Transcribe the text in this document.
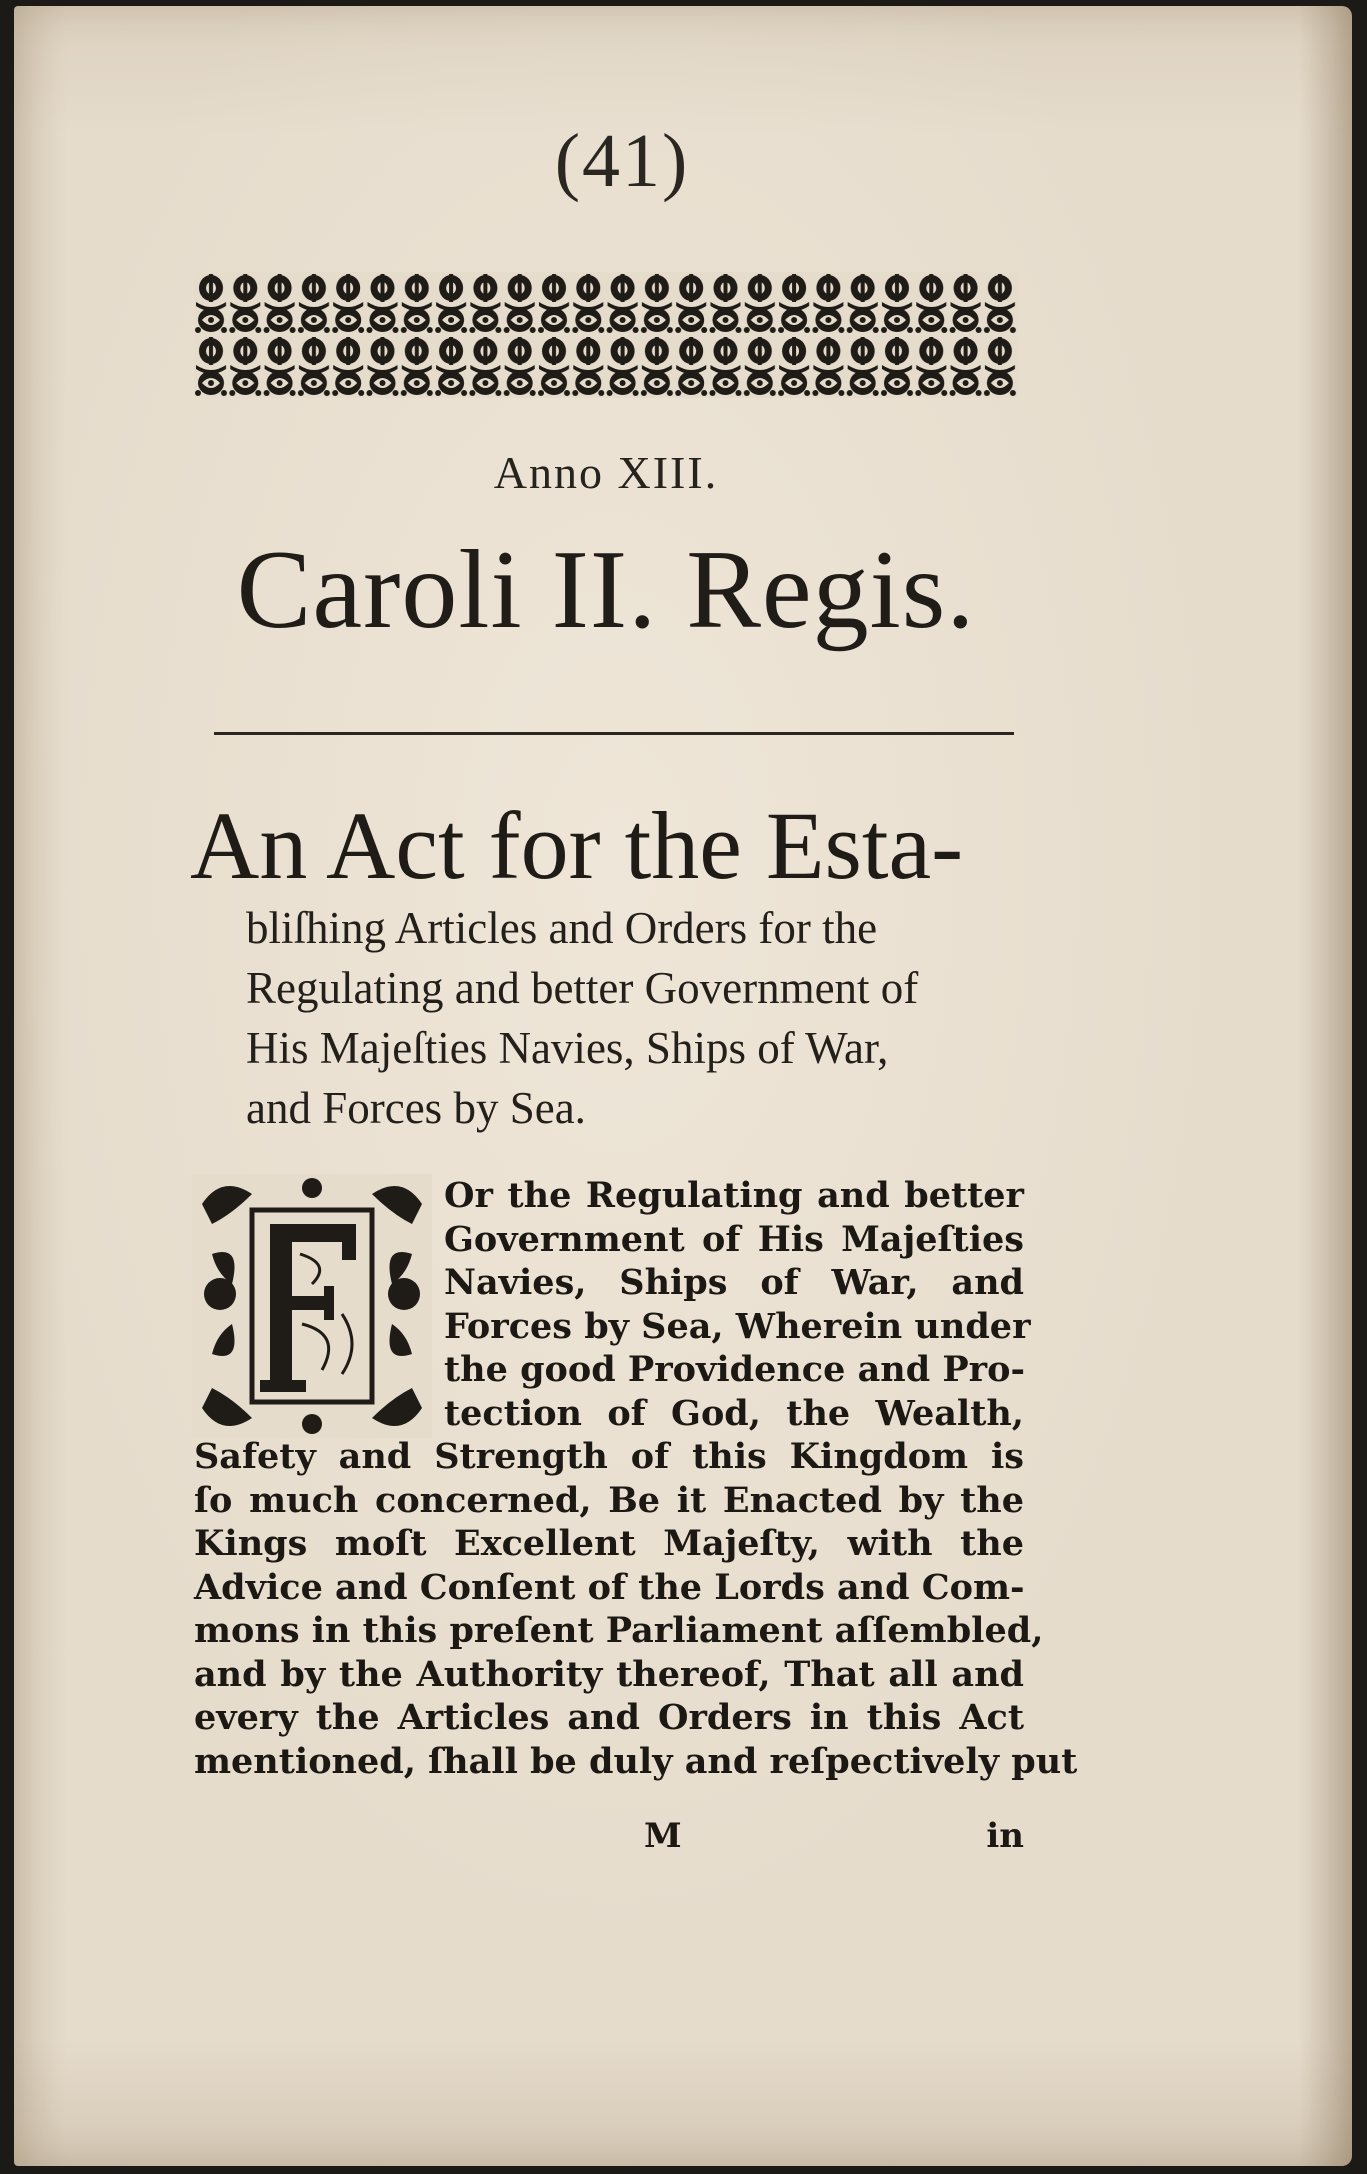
(41)
Anno XIII.
Caroli II. Regis.
An Act for the Esta-
bliſhing Articles and Orders for the
Regulating and better Government of
His Majeſties Navies, Ships of War,
and Forces by Sea.
Or the Regulating and better
Government of His Majeſties
Navies, Ships of War, and
Forces by Sea, Wherein under
the good Providence and Pro-
tection of God, the Wealth,
Safety and Strength of this Kingdom is
ſo much concerned, Be it Enacted by the
Kings moſt Excellent Majeſty, with the
Advice and Conſent of the Lords and Com-
mons in this preſent Parliament aſſembled,
and by the Authority thereof, That all and
every the Articles and Orders in this Act
mentioned, ſhall be duly and reſpectively put
M	in
